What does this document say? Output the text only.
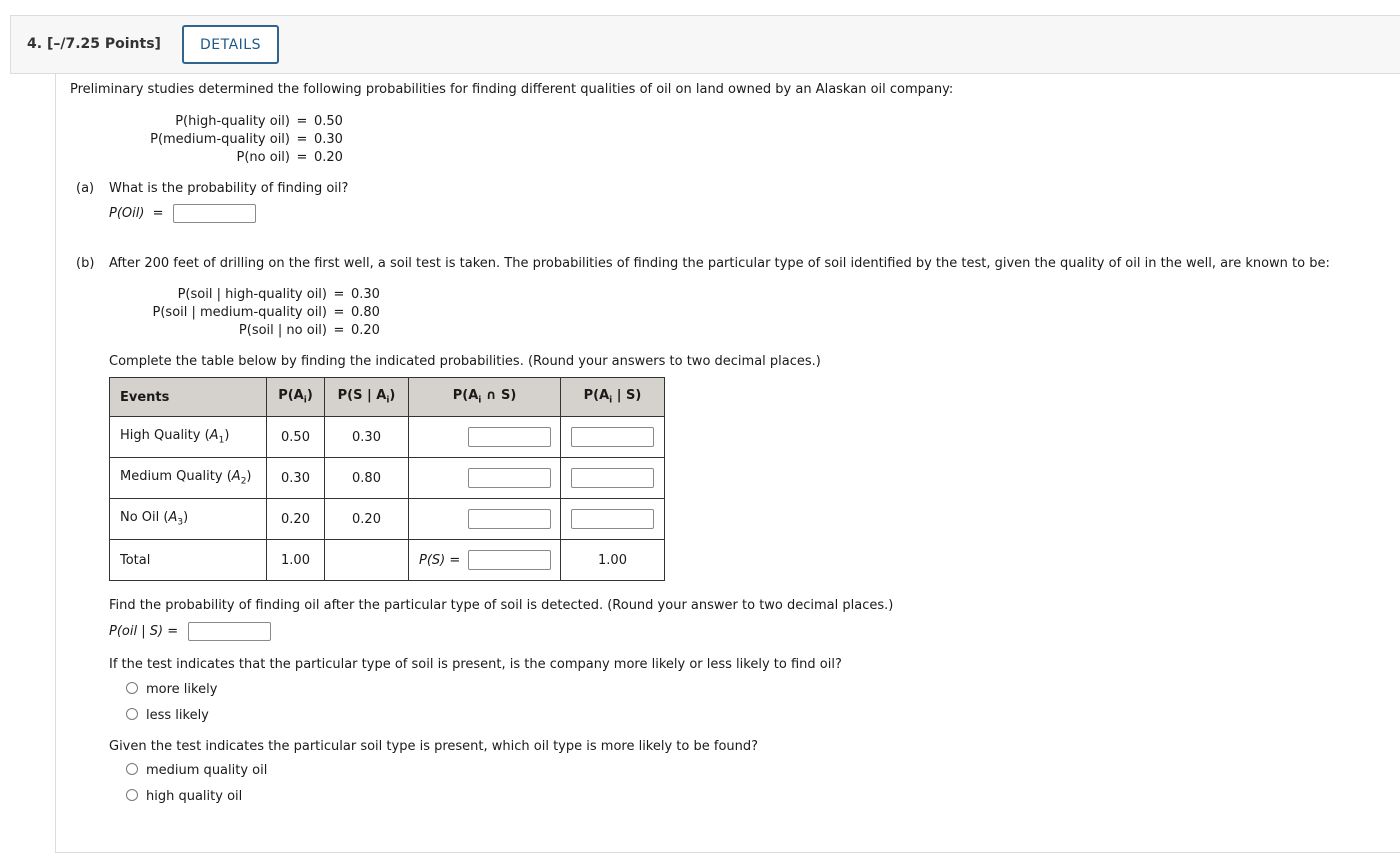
4. [–/7.25 Points]	DETAILS
Preliminary studies determined the following probabilities for finding different qualities of oil on land owned by an Alaskan oil company:
P(high-quality oil) = 0.50
P(medium-quality oil) = 0.30
P(no oil) = 0.20
(a) What is the probability of finding oil?
P(Oil) =
(b) After 200 feet of drilling on the first well, a soil test is taken. The probabilities of finding the particular type of soil identified by the test, given the quality of oil in the well, are known to be:
P(soil | high-quality oil) = 0.30
P(soil | medium-quality oil) = 0.80
P(soil | no oil) = 0.20
Complete the table below by finding the indicated probabilities. (Round your answers to two decimal places.)
Events	$P(A_i)$	P(S | $A_i$)	$P(A_i$ ∩ S)	$P(A_i$ | S)
High Quality $(A_1)$	0.50	0.30		
Medium Quality $(A_2)$	0.30	0.80		
No Oil $(A_3)$	0.20	0.20		
Total	1.00		P(S) =	1.00
Find the probability of finding oil after the particular type of soil is detected. (Round your answer to two decimal places.)
P(oil | S) =
If the test indicates that the particular type of soil is present, is the company more likely or less likely to find oil?
more likely
less likely
Given the test indicates the particular soil type is present, which oil type is more likely to be found?
medium quality oil
high quality oil
